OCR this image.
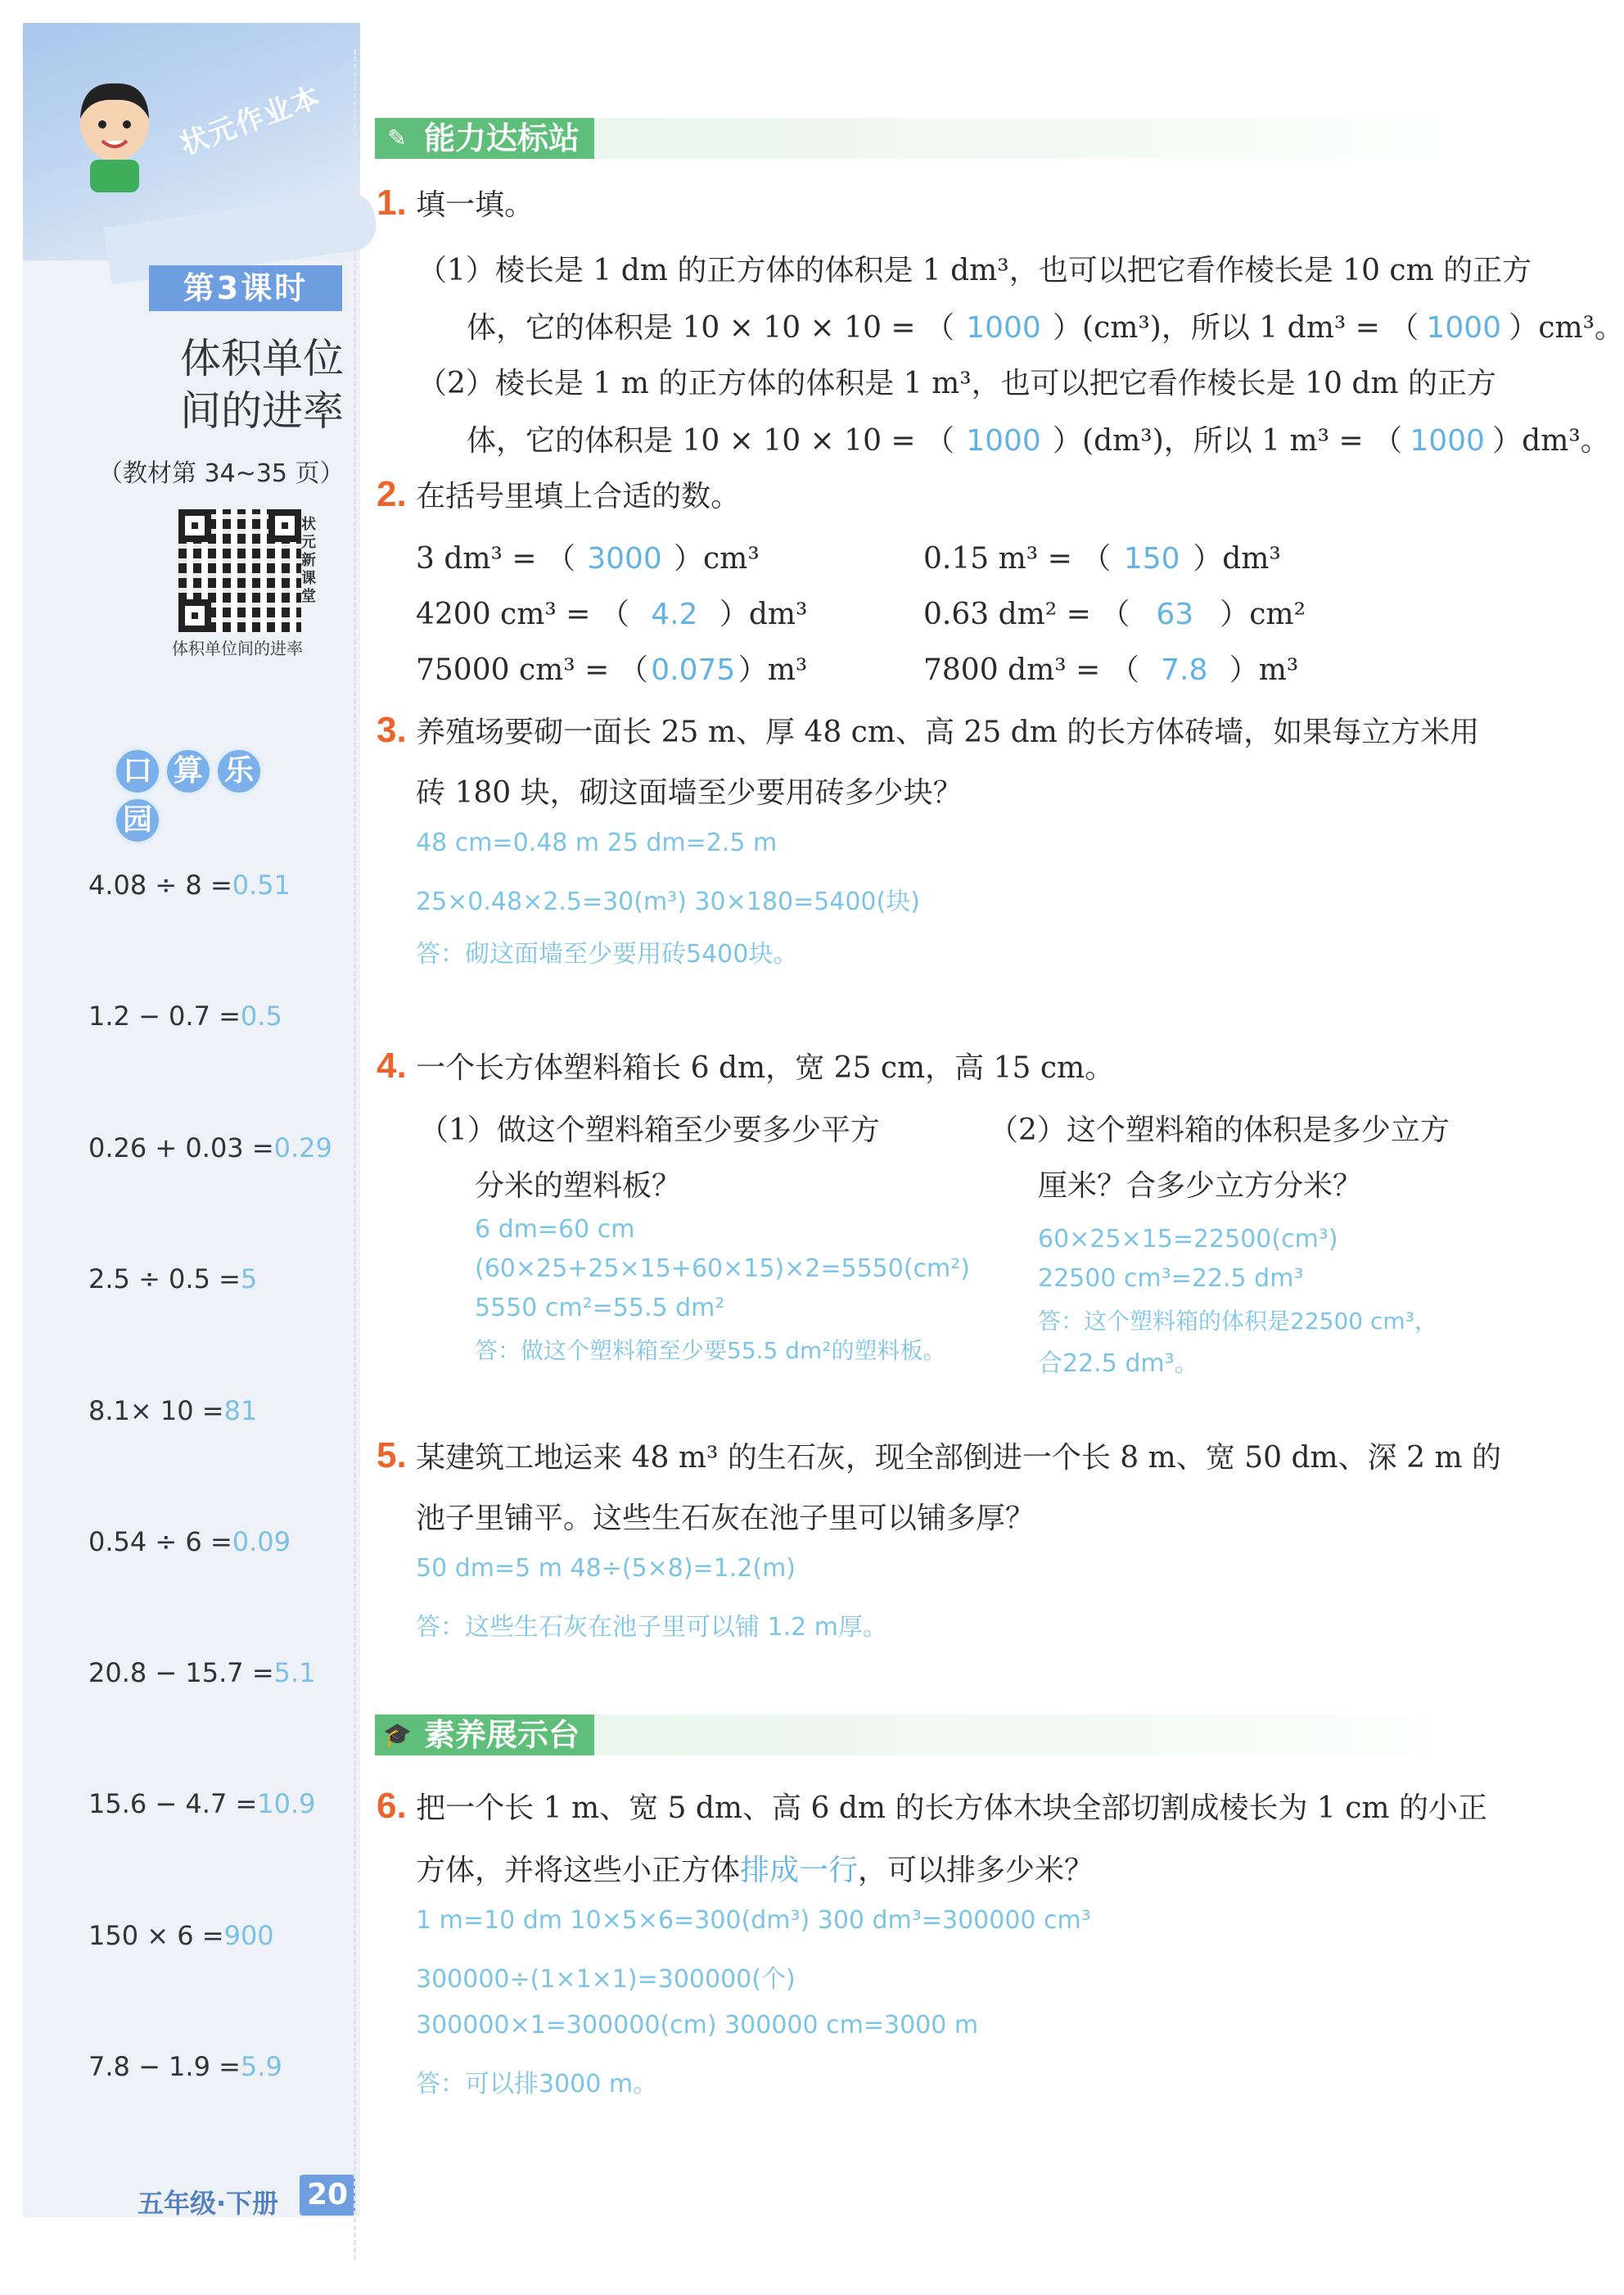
状元作业本
第3课时
体积单位
间的进率
（教材第 34~35 页）
状元新课堂
体积单位间的进率
口 算 乐园
4.08 ÷ 8 =0.51
1.2 − 0.7 =0.5
0.26 + 0.03 =0.29
2.5 ÷ 0.5 =5
8.1× 10 =81
0.54 ÷ 6 =0.09
20.8 − 15.7 =5.1
15.6 − 4.7 =10.9
150 × 6 =900
7.8 − 1.9 =5.9
五年级·下册 20
✎ 能力达标站
1. 填一填。
（1）棱长是 1 dm 的正方体的体积是 1 dm³，也可以把它看作棱长是 10 cm 的正方
体，它的体积是 10 × 10 × 10 = （ 1000 ）(cm³)，所以 1 dm³ = （ 1000 ）cm³。
（2）棱长是 1 m 的正方体的体积是 1 m³，也可以把它看作棱长是 10 dm 的正方
体，它的体积是 10 × 10 × 10 = （ 1000 ）(dm³)，所以 1 m³ = （ 1000 ）dm³。
2. 在括号里填上合适的数。
3 dm³ = （ 3000 ）cm³	0.15 m³ = （ 150 ）dm³
4200 cm³ = （ 4.2 ）dm³	0.63 dm² = （ 63 ）cm²
75000 cm³ = （0.075）m³	7800 dm³ = （ 7.8 ）m³
3. 养殖场要砌一面长 25 m、厚 48 cm、高 25 dm 的长方体砖墙，如果每立方米用
砖 180 块，砌这面墙至少要用砖多少块？
48 cm=0.48 m 25 dm=2.5 m
25×0.48×2.5=30(m³) 30×180=5400(块)
答：砌这面墙至少要用砖5400块。
4. 一个长方体塑料箱长 6 dm，宽 25 cm，高 15 cm。
（1）做这个塑料箱至少要多少平方
分米的塑料板？
（2）这个塑料箱的体积是多少立方
厘米？合多少立方分米？
6 dm=60 cm
(60×25+25×15+60×15)×2=5550(cm²)
5550 cm²=55.5 dm²
答：做这个塑料箱至少要55.5 dm²的塑料板。
60×25×15=22500(cm³)
22500 cm³=22.5 dm³
答：这个塑料箱的体积是22500 cm³，
合22.5 dm³。
5. 某建筑工地运来 48 m³ 的生石灰，现全部倒进一个长 8 m、宽 50 dm、深 2 m 的
池子里铺平。这些生石灰在池子里可以铺多厚？
50 dm=5 m 48÷(5×8)=1.2(m)
答：这些生石灰在池子里可以铺 1.2 m厚。
🎓 素养展示台
6. 把一个长 1 m、宽 5 dm、高 6 dm 的长方体木块全部切割成棱长为 1 cm 的小正
方体，并将这些小正方体排成一行，可以排多少米？
1 m=10 dm 10×5×6=300(dm³) 300 dm³=300000 cm³
300000÷(1×1×1)=300000(个)
300000×1=300000(cm) 300000 cm=3000 m
答：可以排3000 m。
